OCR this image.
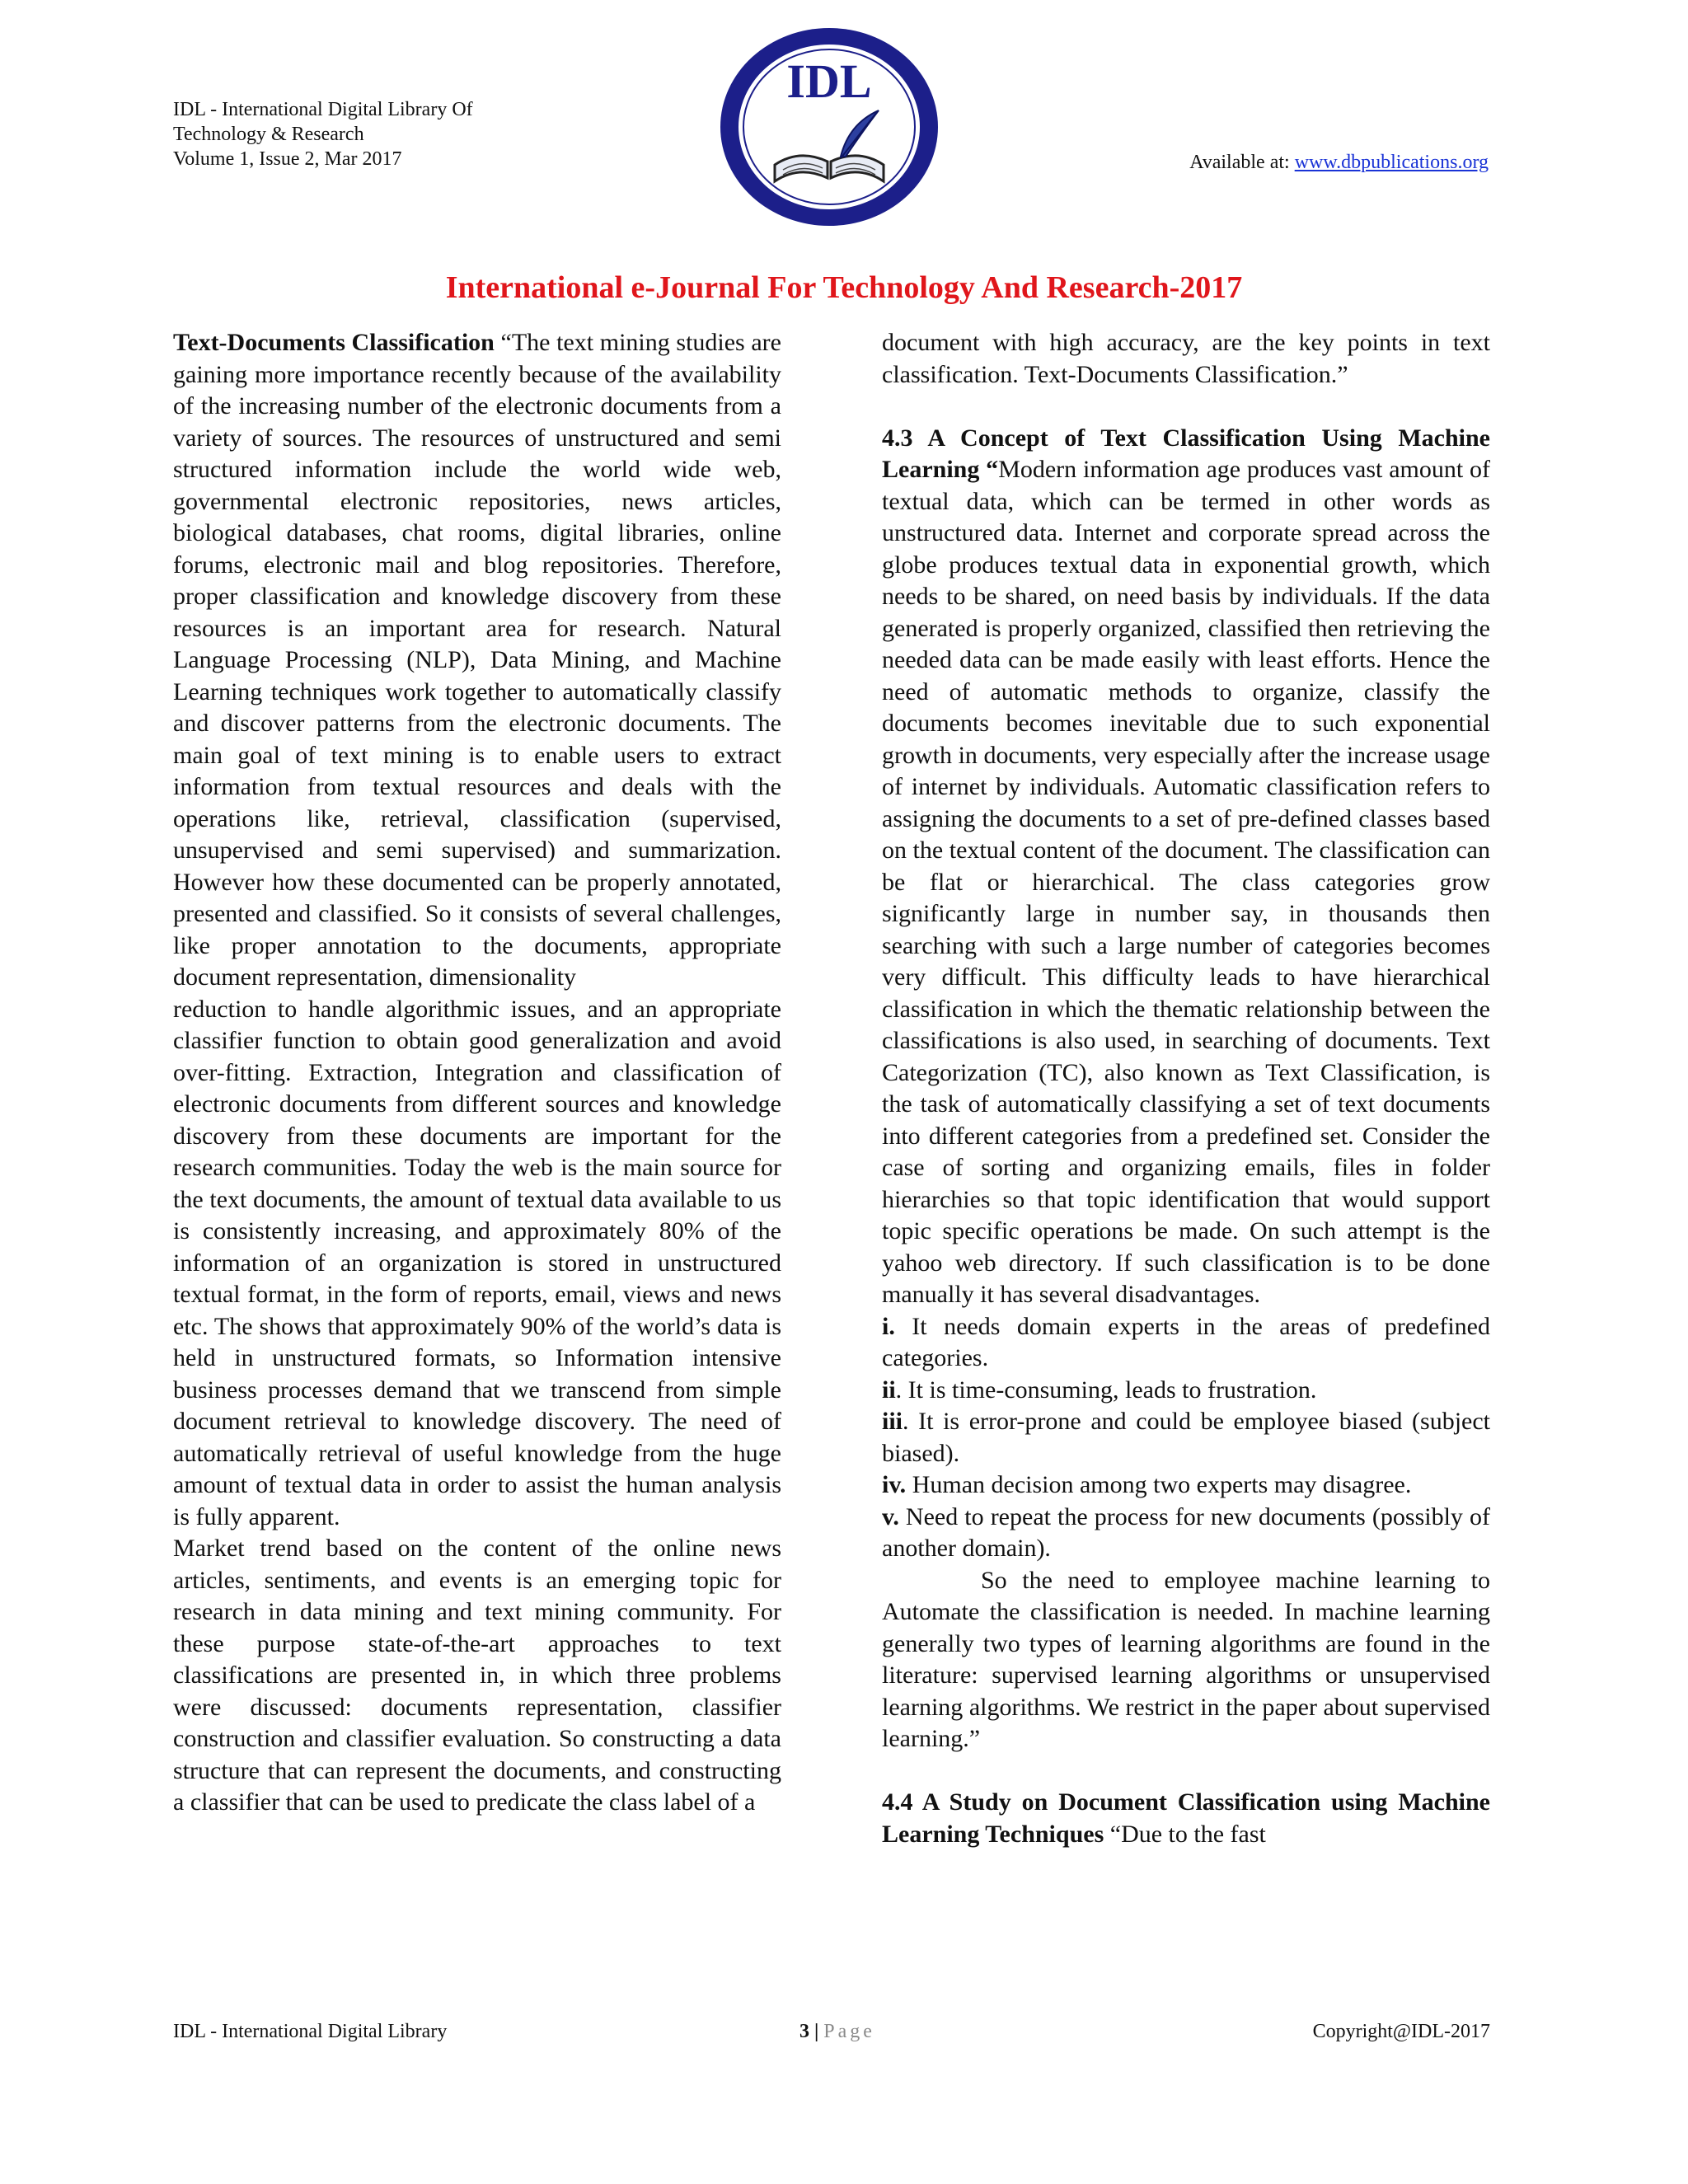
IDL - International Digital Library Of
Technology & Research
Volume 1, Issue 2, Mar 2017
IDL
Available at: www.dbpublications.org
International e-Journal For Technology And Research-2017

Text-Documents Classification “The text mining studies are gaining more importance recently because of the availability of the increasing number of the electronic documents from a variety of sources. The resources of unstructured and semi structured information include the world wide web, governmental electronic repositories, news articles, biological databases, chat rooms, digital libraries, online forums, electronic mail and blog repositories. Therefore, proper classification and knowledge discovery from these resources is an important area for research. Natural Language Processing (NLP), Data Mining, and Machine Learning techniques work together to automatically classify and discover patterns from the electronic documents. The main goal of text mining is to enable users to extract information from textual resources and deals with the operations like, retrieval, classification (supervised, unsupervised and semi supervised) and summarization. However how these documented can be properly annotated, presented and classified. So it consists of several challenges, like proper annotation to the documents, appropriate document representation, dimensionality

reduction to handle algorithmic issues, and an appropriate classifier function to obtain good generalization and avoid over-fitting. Extraction, Integration and classification of electronic documents from different sources and knowledge discovery from these documents are important for the research communities. Today the web is the main source for the text documents, the amount of textual data available to us is consistently increasing, and approximately 80% of the information of an organization is stored in unstructured textual format, in the form of reports, email, views and news etc. The shows that approximately 90% of the world’s data is held in unstructured formats, so Information intensive business processes demand that we transcend from simple document retrieval to knowledge discovery. The need of automatically retrieval of useful knowledge from the huge amount of textual data in order to assist the human analysis is fully apparent.

Market trend based on the content of the online news articles, sentiments, and events is an emerging topic for research in data mining and text mining community. For these purpose state-of-the-art approaches to text classifications are presented in, in which three problems were discussed: documents representation, classifier construction and classifier evaluation. So constructing a data structure that can represent the documents, and constructing a classifier that can be used to predicate the class label of a

document with high accuracy, are the key points in text classification. Text-Documents Classification.”

4.3 A Concept of Text Classification Using Machine Learning “Modern information age produces vast amount of textual data, which can be termed in other words as unstructured data. Internet and corporate spread across the globe produces textual data in exponential growth, which needs to be shared, on need basis by individuals. If the data generated is properly organized, classified then retrieving the needed data can be made easily with least efforts. Hence the need of automatic methods to organize, classify the documents becomes inevitable due to such exponential growth in documents, very especially after the increase usage of internet by individuals. Automatic classification refers to assigning the documents to a set of pre-defined classes based on the textual content of the document. The classification can be flat or hierarchical. The class categories grow significantly large in number say, in thousands then searching with such a large number of categories becomes very difficult. This difficulty leads to have hierarchical classification in which the thematic relationship between the classifications is also used, in searching of documents. Text Categorization (TC), also known as Text Classification, is the task of automatically classifying a set of text documents into different categories from a predefined set. Consider the case of sorting and organizing emails, files in folder hierarchies so that topic identification that would support topic specific operations be made. On such attempt is the yahoo web directory. If such classification is to be done manually it has several disadvantages.

i. It needs domain experts in the areas of predefined categories.

ii. It is time-consuming, leads to frustration.

iii. It is error-prone and could be employee biased (subject biased).

iv. Human decision among two experts may disagree.

v. Need to repeat the process for new documents (possibly of another domain).

So the need to employee machine learning to Automate the classification is needed. In machine learning generally two types of learning algorithms are found in the literature: supervised learning algorithms or unsupervised learning algorithms. We restrict in the paper about supervised learning.”

4.4 A Study on Document Classification using Machine Learning Techniques “Due to the fast

IDL - International Digital Library	3 | Page	Copyright@IDL-2017
